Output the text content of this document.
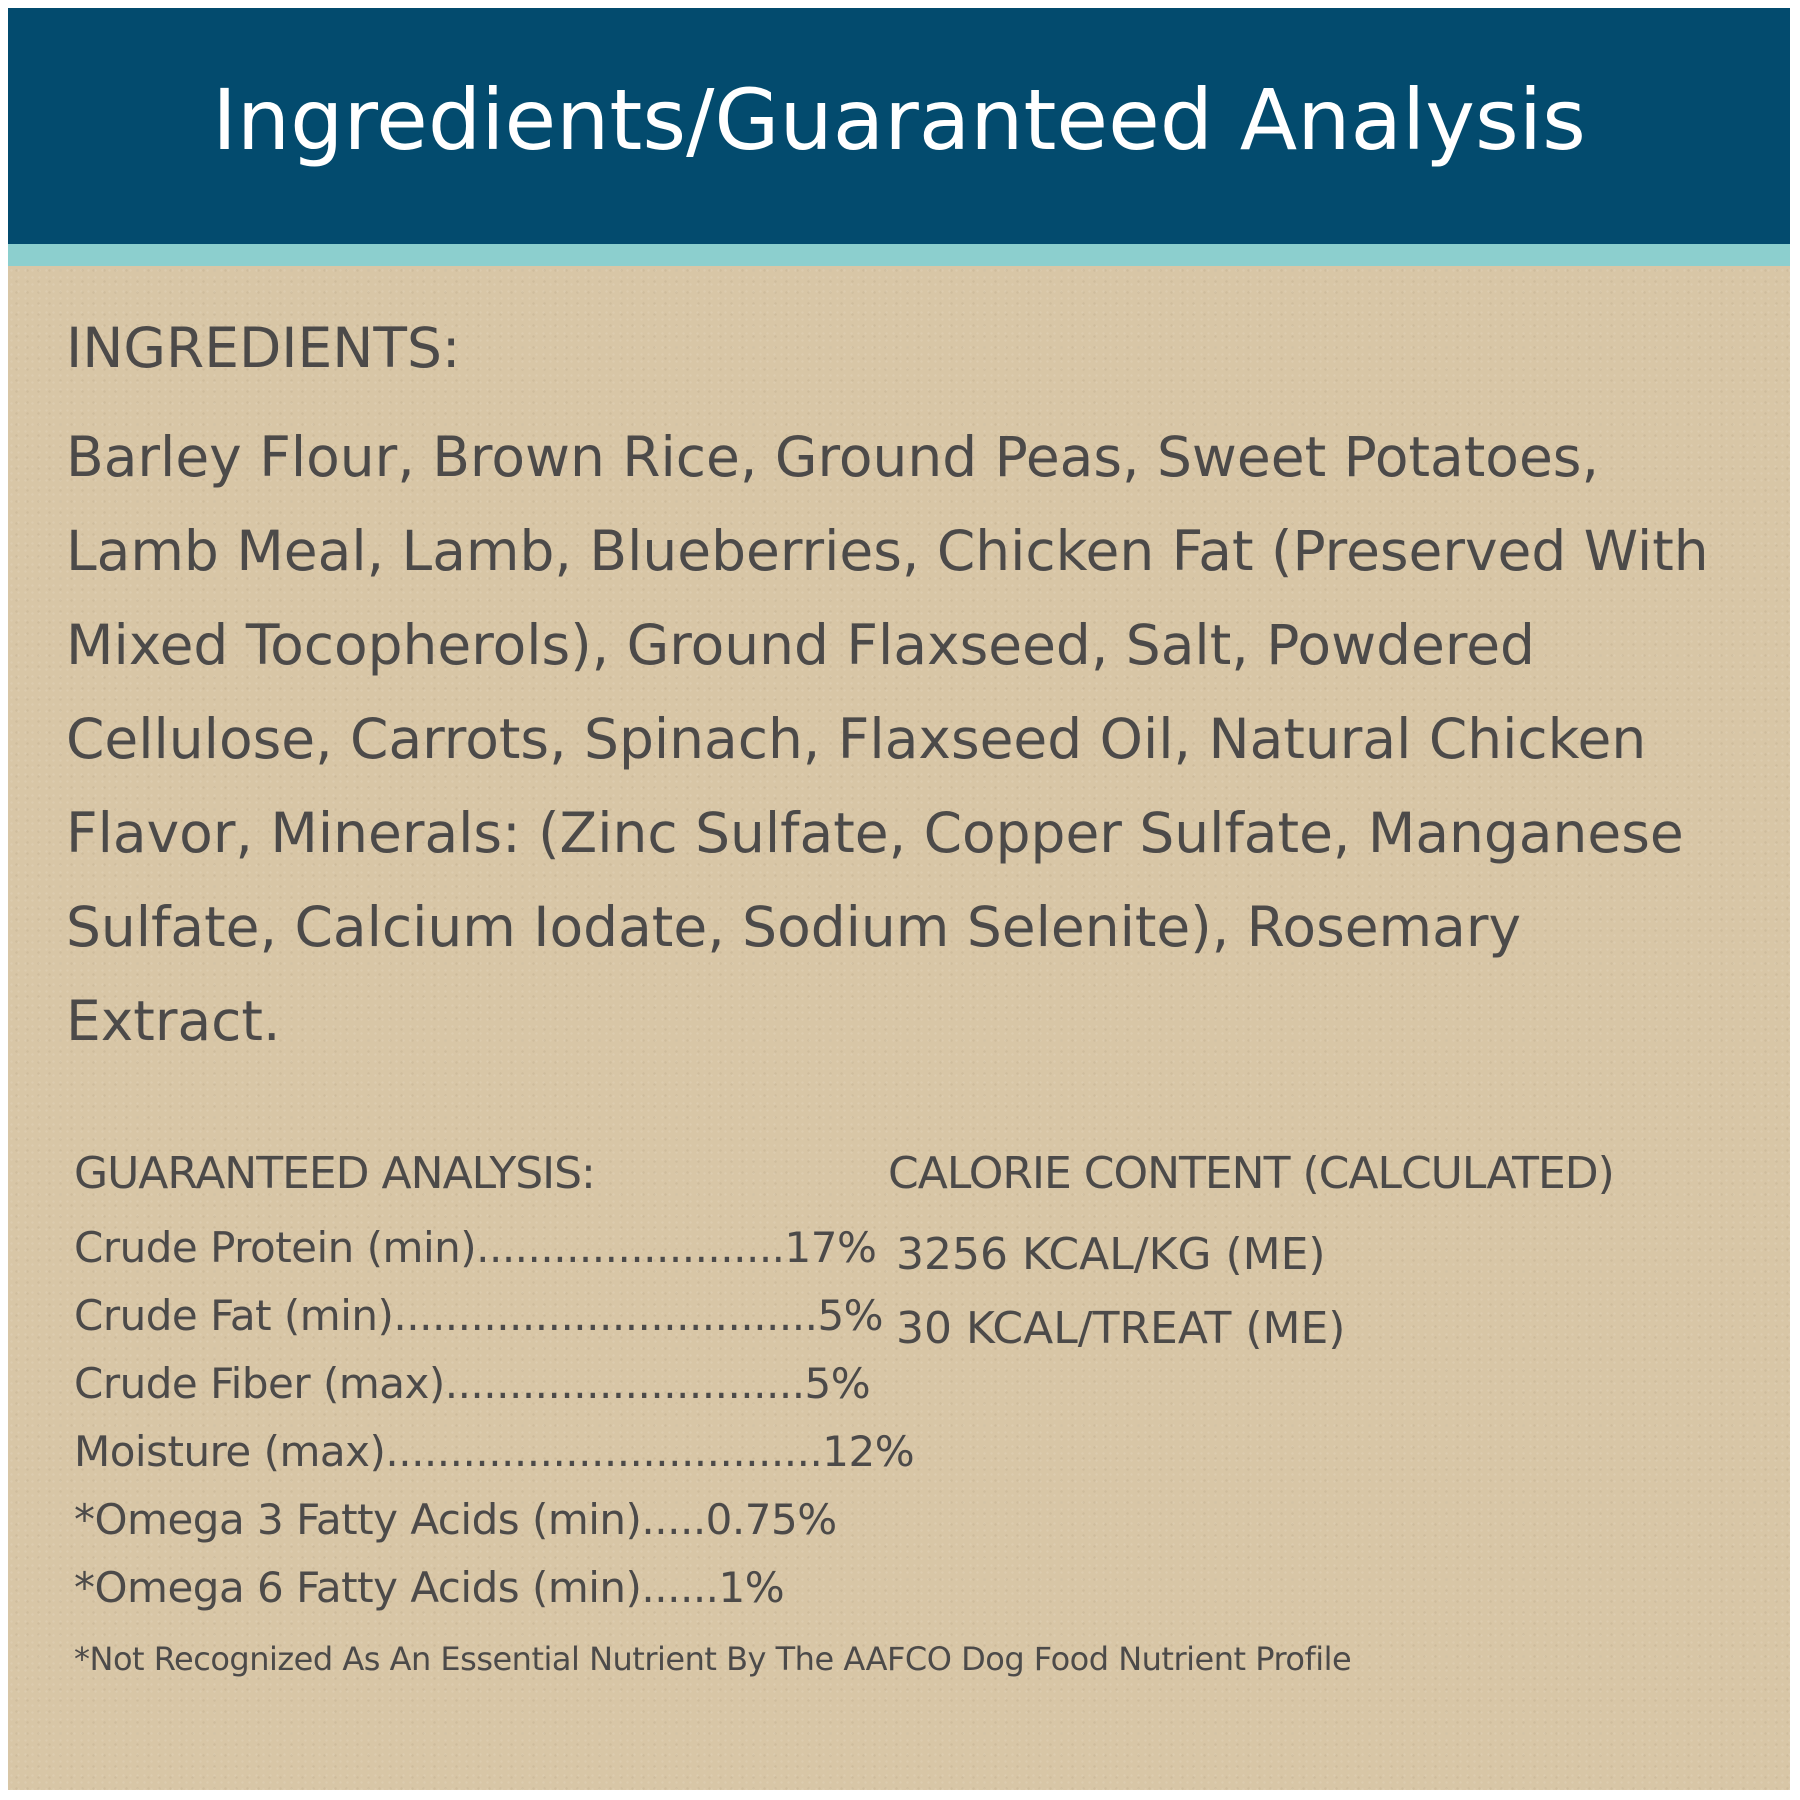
Ingredients/Guaranteed Analysis
INGREDIENTS:
Barley Flour, Brown Rice, Ground Peas, Sweet Potatoes, Lamb Meal, Lamb, Blueberries, Chicken Fat (Preserved With Mixed Tocopherols), Ground Flaxseed, Salt, Powdered Cellulose, Carrots, Spinach, Flaxseed Oil, Natural Chicken Flavor, Minerals: (Zinc Sulfate, Copper Sulfate, Manganese Sulfate, Calcium Iodate, Sodium Selenite), Rosemary Extract.
GUARANTEED ANALYSIS:
Crude Protein (min)........................17%
Crude Fat (min).................................5%
Crude Fiber (max)............................5%
Moisture (max)..................................12%
*Omega 3 Fatty Acids (min).....0.75%
*Omega 6 Fatty Acids (min)......1%
CALORIE CONTENT (CALCULATED)
3256 KCAL/KG (ME)
30 KCAL/TREAT (ME)
*Not Recognized As An Essential Nutrient By The AAFCO Dog Food Nutrient Profile
